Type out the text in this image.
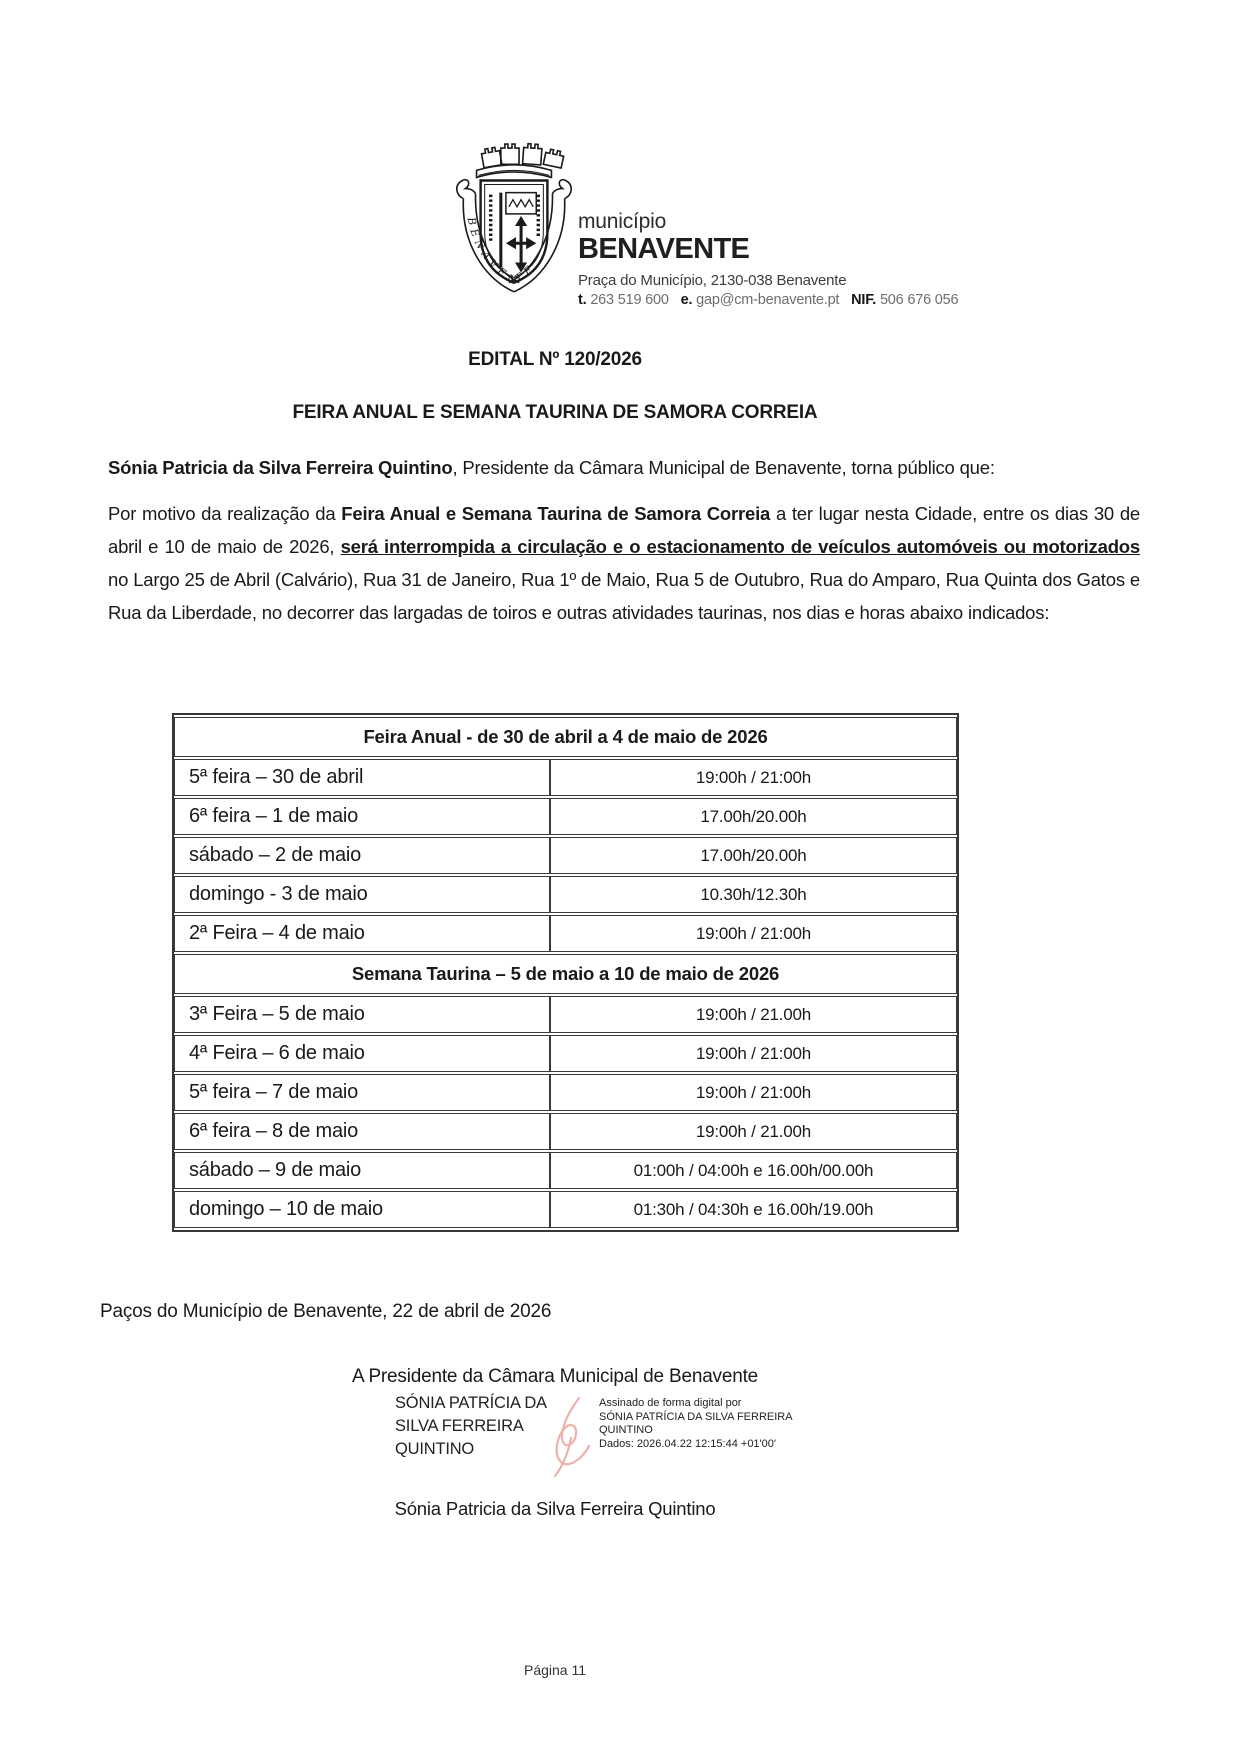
BENAVENTE
município
BENAVENTE
Praça do Município, 2130-038 Benavente
t. 263 519 600 e. gap@cm-benavente.pt NIF. 506 676 056
EDITAL Nº 120/2026
FEIRA ANUAL E SEMANA TAURINA DE SAMORA CORREIA
Sónia Patricia da Silva Ferreira Quintino, Presidente da Câmara Municipal de Benavente, torna público que:
Por motivo da realização da Feira Anual e Semana Taurina de Samora Correia a ter lugar nesta Cidade, entre os dias 30 de abril e 10 de maio de 2026, será interrompida a circulação e o estacionamento de veículos automóveis ou motorizados no Largo 25 de Abril (Calvário), Rua 31 de Janeiro, Rua 1º de Maio, Rua 5 de Outubro, Rua do Amparo, Rua Quinta dos Gatos e Rua da Liberdade, no decorrer das largadas de toiros e outras atividades taurinas, nos dias e horas abaixo indicados:
Feira Anual - de 30 de abril a 4 de maio de 2026	
5ª feira – 30 de abril	19:00h / 21:00h
6ª feira – 1 de maio	17.00h/20.00h
sábado – 2 de maio	17.00h/20.00h
domingo - 3 de maio	10.30h/12.30h
2ª Feira – 4 de maio	19:00h / 21:00h
Semana Taurina – 5 de maio a 10 de maio de 2026	
3ª Feira – 5 de maio	19:00h / 21.00h
4ª Feira – 6 de maio	19:00h / 21:00h
5ª feira – 7 de maio	19:00h / 21:00h
6ª feira – 8 de maio	19:00h / 21.00h
sábado – 9 de maio	01:00h / 04:00h e 16.00h/00.00h
domingo – 10 de maio	01:30h / 04:30h e 16.00h/19.00h
Paços do Município de Benavente, 22 de abril de 2026
A Presidente da Câmara Municipal de Benavente
SÓNIA PATRÍCIA DA
SILVA FERREIRA
QUINTINO
Assinado de forma digital por
SÓNIA PATRÍCIA DA SILVA FERREIRA
QUINTINO
Dados: 2026.04.22 12:15:44 +01'00'
Sónia Patricia da Silva Ferreira Quintino
Página 11
